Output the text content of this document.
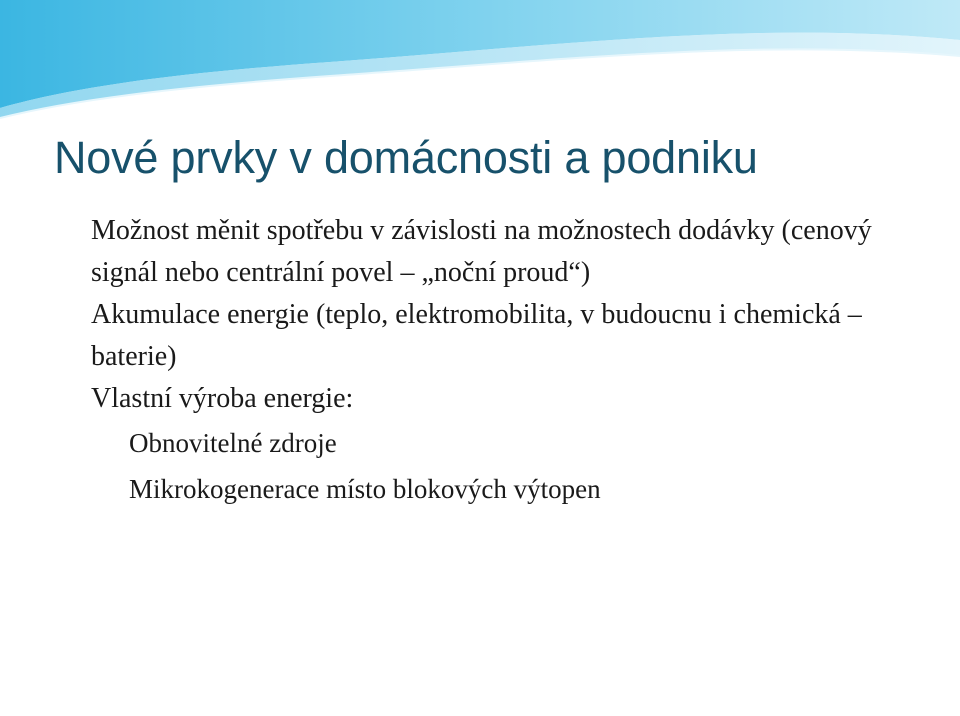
Nové prvky v domácnosti a podniku
Možnost měnit spotřebu v závislosti na možnostech dodávky (cenový signál nebo centrální povel – „noční proud“)
Akumulace energie (teplo, elektromobilita, v budoucnu i chemická – baterie)
Vlastní výroba energie:
Obnovitelné zdroje
Mikrokogenerace místo blokových výtopen
